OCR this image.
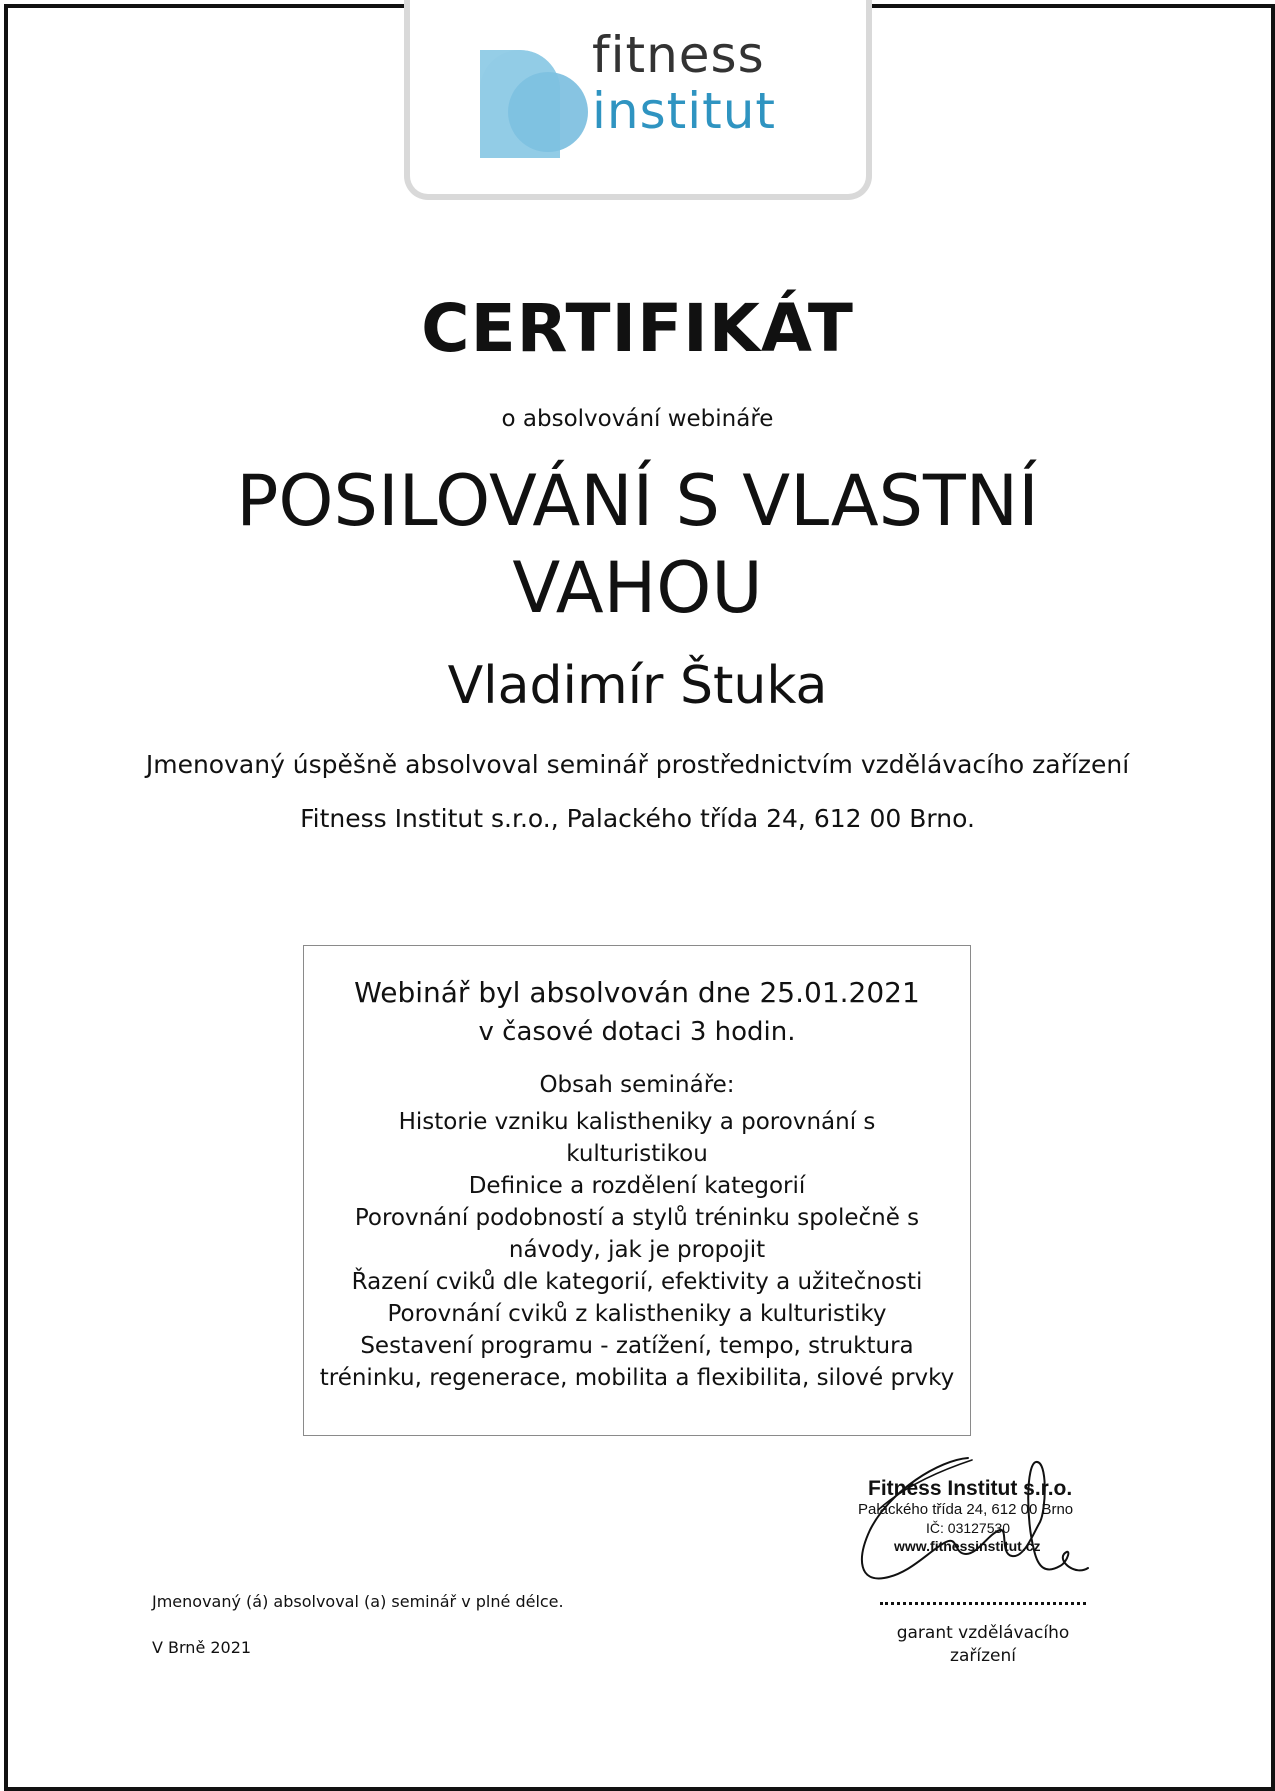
fitness
institut
CERTIFIKÁT
o absolvování webináře
POSILOVÁNÍ S VLASTNÍ
VAHOU
Vladimír Štuka
Jmenovaný úspěšně absolvoval seminář prostřednictvím vzdělávacího zařízení
Fitness Institut s.r.o., Palackého třída 24, 612 00 Brno.
Webinář byl absolvován dne 25.01.2021
v časové dotaci 3 hodin.
Obsah semináře:
Historie vzniku kalistheniky a porovnání s
kulturistikou
Definice a rozdělení kategorií
Porovnání podobností a stylů tréninku společně s
návody, jak je propojit
Řazení cviků dle kategorií, efektivity a užitečnosti
Porovnání cviků z kalistheniky a kulturistiky
Sestavení programu - zatížení, tempo, struktura
tréninku, regenerace, mobilita a flexibilita, silové prvky
Fitness Institut s.r.o.
Palackého třída 24, 612 00 Brno
IČ: 03127530
www.fitnessinstitut.cz
garant vzdělávacího
zařízení
Jmenovaný (á) absolvoval (a) seminář v plné délce.
V Brně 2021
